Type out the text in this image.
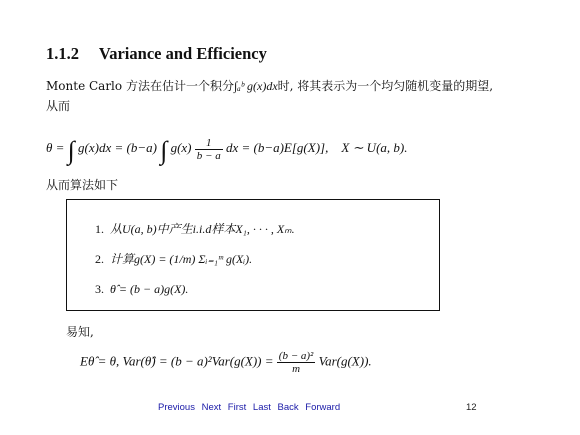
1.1.2 Variance and Efficiency
Monte Carlo 方法在估计一个积分∫ₐᵇ g(x)dx时, 将其表示为一个均匀随机变量的期望, 从而
θ = ∫ g(x)dx = (b−a) ∫ $g(x) \frac{1}{b - a}$ dx = (b−a)E[g(X)], X ∼ U(a, b).
从而算法如下
1. 从U(a, b)中产生i.i.d样本X₁, · · · , Xₘ.
2. 计算g(X) = (1/m) Σᵢ₌₁ᵐ g(Xᵢ).
3. θ̂ = (b − a)g(X).
易知,
Eθ̂ = θ, Var(θ̂) = $(b - a)^2Var(g(X)) = \frac{\text{(b − a)²}}{m} Var(g(X))$.
Previous Next First Last Back Forward	12
